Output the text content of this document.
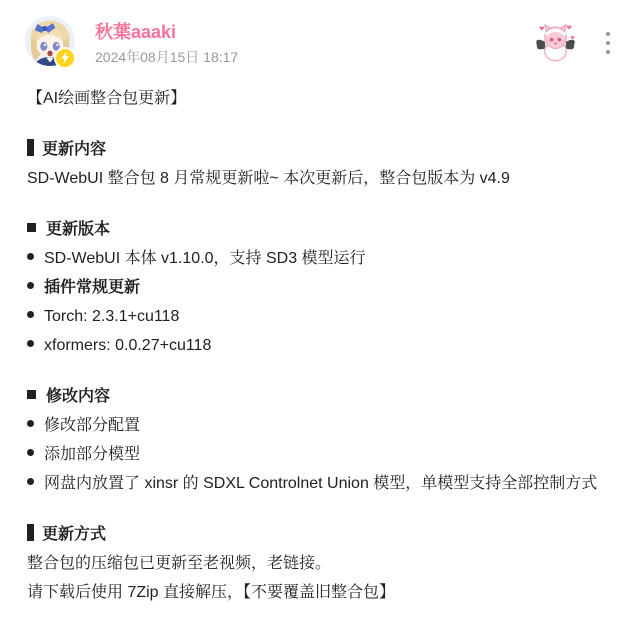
秋葉aaaki
2024年08月15日 18:17

【AI绘画整合包更新】

更新内容

SD-WebUI 整合包 8 月常规更新啦~ 本次更新后，整合包版本为 v4.9

更新版本

SD-WebUI 本体 v1.10.0，支持 SD3 模型运行

插件常规更新

Torch: 2.3.1+cu118

xformers: 0.0.27+cu118

修改内容

修改部分配置

添加部分模型

网盘内放置了 xinsr 的 SDXL Controlnet Union 模型，单模型支持全部控制方式

更新方式

整合包的压缩包已更新至老视频，老链接。

请下载后使用 7Zip 直接解压，【不要覆盖旧整合包】
